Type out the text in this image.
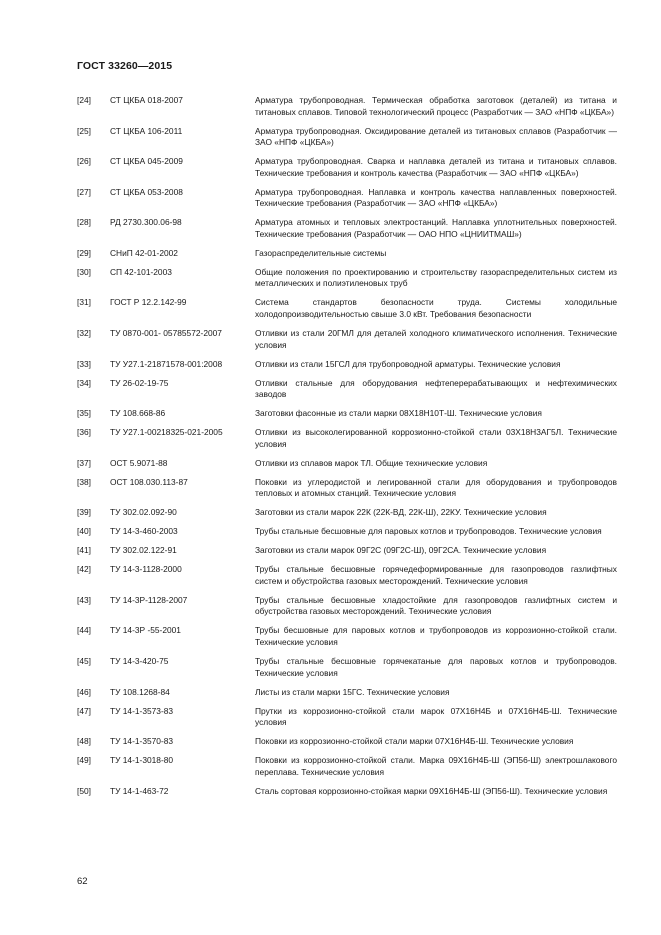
ГОСТ 33260—2015
[24]	СТ ЦКБА 018-2007	Арматура трубопроводная. Термическая обработка заготовок (деталей) из титана и титановых сплавов. Типовой технологический процесс (Разработчик — ЗАО «НПФ «ЦКБА»)
[25]	СТ ЦКБА 106-2011	Арматура трубопроводная. Оксидирование деталей из титановых сплавов (Разработчик — ЗАО «НПФ «ЦКБА»)
[26]	СТ ЦКБА 045-2009	Арматура трубопроводная. Сварка и наплавка деталей из титана и титановых сплавов. Технические требования и контроль качества (Разработчик — ЗАО «НПФ «ЦКБА»)
[27]	СТ ЦКБА 053-2008	Арматура трубопроводная. Наплавка и контроль качества наплавленных поверхностей. Технические требования (Разработчик — ЗАО «НПФ «ЦКБА»)
[28]	РД 2730.300.06-98	Арматура атомных и тепловых электростанций. Наплавка уплотнительных поверхностей. Технические требования (Разработчик — ОАО НПО «ЦНИИТМАШ»)
[29]	СНиП 42-01-2002	Газораспределительные системы
[30]	СП 42-101-2003	Общие положения по проектированию и строительству газораспределительных систем из металлических и полиэтиленовых труб
[31]	ГОСТ Р 12.2.142-99	Система стандартов безопасности труда. Системы холодильные холодопроизводительностью свыше 3.0 кВт. Требования безопасности
[32]	ТУ 0870-001- 05785572-2007	Отливки из стали 20ГМЛ для деталей холодного климатического исполнения. Технические условия
[33]	ТУ У27.1-21871578-001:2008	Отливки из стали 15ГСЛ для трубопроводной арматуры. Технические условия
[34]	ТУ 26-02-19-75	Отливки стальные для оборудования нефтеперерабатывающих и нефтехимических заводов
[35]	ТУ 108.668-86	Заготовки фасонные из стали марки 08Х18Н10Т-Ш. Технические условия
[36]	ТУ У27.1-00218325-021-2005	Отливки из высоколегированной коррозионно-стойкой стали 03Х18Н3АГ5Л. Технические условия
[37]	ОСТ 5.9071-88	Отливки из сплавов марок ТЛ. Общие технические условия
[38]	ОСТ 108.030.113-87	Поковки из углеродистой и легированной стали для оборудования и трубопроводов тепловых и атомных станций. Технические условия
[39]	ТУ 302.02.092-90	Заготовки из стали марок 22К (22К-ВД, 22К-Ш), 22КУ. Технические условия
[40]	ТУ 14-3-460-2003	Трубы стальные бесшовные для паровых котлов и трубопроводов. Технические условия
[41]	ТУ 302.02.122-91	Заготовки из стали марок 09Г2С (09Г2С-Ш), 09Г2СА. Технические условия
[42]	ТУ 14-3-1128-2000	Трубы стальные бесшовные горячедеформированные для газопроводов газлифтных систем и обустройства газовых месторождений. Технические условия
[43]	ТУ 14-3Р-1128-2007	Трубы стальные бесшовные хладостойкие для газопроводов газлифтных систем и обустройства газовых месторождений. Технические условия
[44]	ТУ 14-3Р -55-2001	Трубы бесшовные для паровых котлов и трубопроводов из коррозионно-стойкой стали. Технические условия
[45]	ТУ 14-3-420-75	Трубы стальные бесшовные горячекатаные для паровых котлов и трубопроводов. Технические условия
[46]	ТУ 108.1268-84	Листы из стали марки 15ГС. Технические условия
[47]	ТУ 14-1-3573-83	Прутки из коррозионно-стойкой стали марок 07Х16Н4Б и 07Х16Н4Б-Ш. Технические условия
[48]	ТУ 14-1-3570-83	Поковки из коррозионно-стойкой стали марки 07Х16Н4Б-Ш. Технические условия
[49]	ТУ 14-1-3018-80	Поковки из коррозионно-стойкой стали. Марка 09Х16Н4Б-Ш (ЭП56-Ш) электрошлакового переплава. Технические условия
[50]	ТУ 14-1-463-72	Сталь сортовая коррозионно-стойкая марки 09Х16Н4Б-Ш (ЭП56-Ш). Технические условия
62
